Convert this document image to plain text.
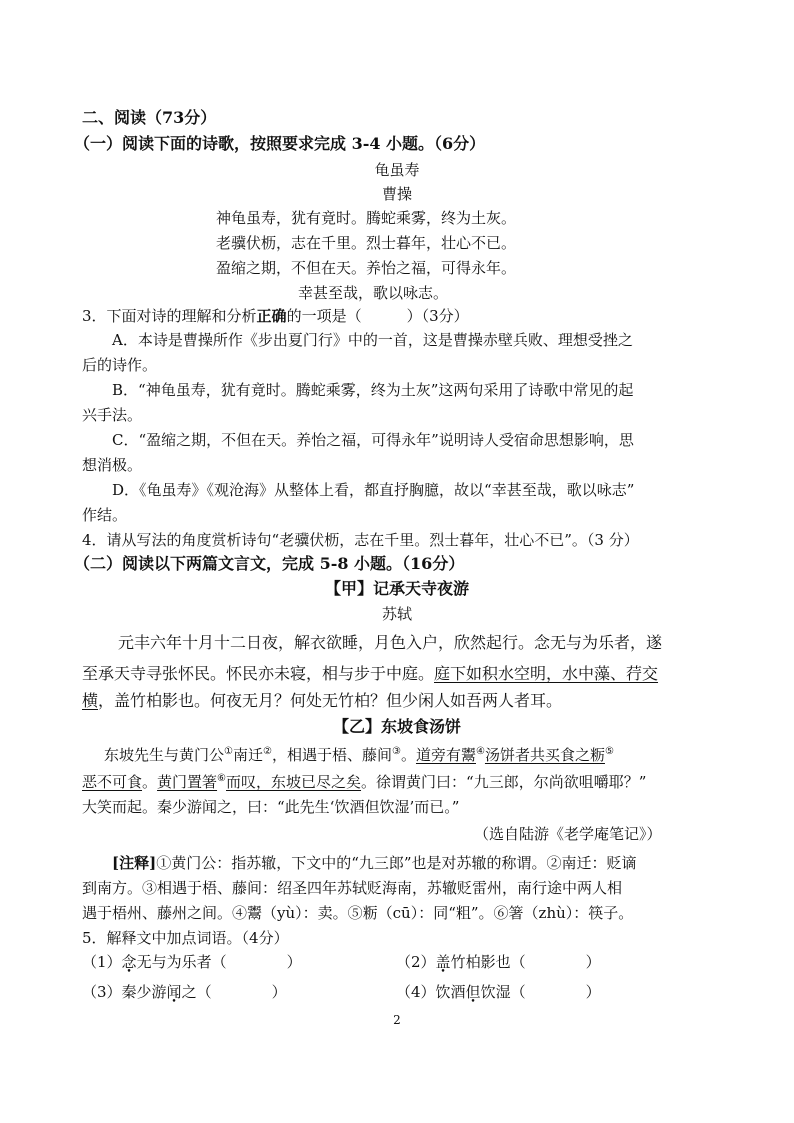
二、阅读（73分）
（一）阅读下面的诗歌，按照要求完成 3-4 小题。（6分）
龟虽寿
曹操
神龟虽寿，犹有竟时。腾蛇乘雾，终为土灰。
老骥伏枥，志在千里。烈士暮年，壮心不已。
盈缩之期，不但在天。养怡之福，可得永年。
幸甚至哉，歌以咏志。
3．下面对诗的理解和分析正确的一项是（　　　）（3分）
A．本诗是曹操所作《步出夏门行》中的一首，这是曹操赤壁兵败、理想受挫之
后的诗作。
B．“神龟虽寿，犹有竟时。腾蛇乘雾，终为土灰”这两句采用了诗歌中常见的起
兴手法。
C．“盈缩之期，不但在天。养怡之福，可得永年”说明诗人受宿命思想影响，思
想消极。
D．《龟虽寿》《观沧海》从整体上看，都直抒胸臆，故以“幸甚至哉，歌以咏志”
作结。
4．请从写法的角度赏析诗句“老骥伏枥，志在千里。烈士暮年，壮心不已”。（3 分）
（二）阅读以下两篇文言文，完成 5-8 小题。（16分）
【甲】记承天寺夜游
苏轼
元丰六年十月十二日夜，解衣欲睡，月色入户，欣然起行。念无与为乐者，遂
至承天寺寻张怀民。怀民亦未寝，相与步于中庭。庭下如积水空明，水中藻、荇交
横，盖竹柏影也。何夜无月？何处无竹柏？但少闲人如吾两人者耳。
【乙】东坡食汤饼
东坡先生与黄门公①南迁②，相遇于梧、藤间③。道旁有鬻④汤饼者共买食之粝⑤
恶不可食。黄门置箸⑥而叹，东坡已尽之矣。徐谓黄门曰：“九三郎，尔尚欲咀嚼耶？”
大笑而起。秦少游闻之，曰：“此先生‘饮酒但饮湿’而已。”
（选自陆游《老学庵笔记》）
[注释]①黄门公：指苏辙，下文中的“九三郎”也是对苏辙的称谓。②南迁：贬谪
到南方。③相遇于梧、藤间：绍圣四年苏轼贬海南，苏辙贬雷州，南行途中两人相
遇于梧州、藤州之间。④鬻（yù）：卖。⑤粝（cū）：同“粗”。⑥箸（zhù）：筷子。
5．解释文中加点词语。（4分）
（1）念无与为乐者（　　　　）	（2）盖竹柏影也（　　　　）
（3）秦少游闻之（　　　　）	（4）饮酒但饮湿（　　　　）
2
